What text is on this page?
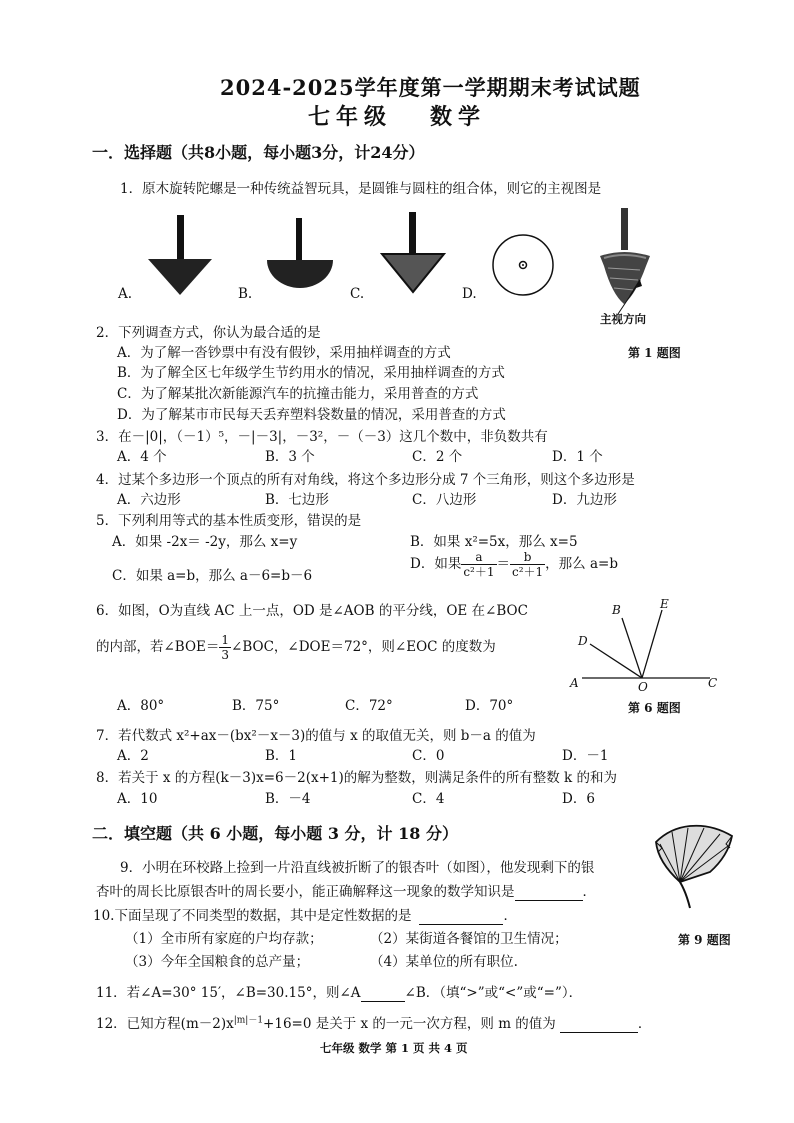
2024-2025学年度第一学期期末考试试题
七年级 数学
一．选择题（共8小题，每小题3分，计24分）
1．原木旋转陀螺是一种传统益智玩具，是圆锥与圆柱的组合体，则它的主视图是
A.	B.	C.	D.
主视方向
第 1 题图
2．下列调查方式，你认为最合适的是
A．为了解一沓钞票中有没有假钞，采用抽样调查的方式
B．为了解全区七年级学生节约用水的情况，采用抽样调查的方式
C．为了解某批次新能源汽车的抗撞击能力，采用普查的方式
D．为了解某市市民每天丢弃塑料袋数量的情况，采用普查的方式
3．在－|0|，（－1）⁵，－|－3|，－3²，－（－3）这几个数中，非负数共有
A．4 个	B．3 个	C．2 个	D．1 个
4．过某个多边形一个顶点的所有对角线，将这个多边形分成 7 个三角形，则这个多边形是
A．六边形	B．七边形	C．八边形	D．九边形
5．下列利用等式的基本性质变形，错误的是
A．如果 -2x＝ -2y，那么 x=y	B．如果 x²=5x，那么 x=5
C．如果 a=b，那么 a－6=b－6
D．如果 $\frac{a}{\text{c²＋1}} = \frac{b}{\text{c²＋1}}$ ，那么 a=b
6．如图，O为直线 AC 上一点，OD 是∠AOB 的平分线，OE 在∠BOC
的内部，若∠BOE＝ $\frac{1}{3}$ ∠BOC，∠DOE＝72°，则∠EOC 的度数为
A．80°	B．75°	C．72°	D．70°
B	E
D
A	O	C
第 6 题图
7．若代数式 x²+ax－(bx²－x－3)的值与 x 的取值无关，则 b－a 的值为
A．2	B．1	C．0	D．－1
8．若关于 x 的方程(k－3)x=6－2(x+1)的解为整数，则满足条件的所有整数 k 的和为
A．10	B．－4	C．4	D．6
二．填空题（共 6 小题，每小题 3 分，计 18 分）
9．小明在环校路上捡到一片沿直线被折断了的银杏叶（如图），他发现剩下的银
杏叶的周长比原银杏叶的周长要小，能正确解释这一现象的数学知识是	．
第 9 题图
10.下面呈现了不同类型的数据，其中是定性数据的是	．
（1）全市所有家庭的户均存款；	（2）某街道各餐馆的卫生情况；
（3）今年全国粮食的总产量；	（4）某单位的所有职位.
11．若∠A=30° 15′，∠B=30.15°，则∠A	∠B．（填“>”或“<”或“=”）．
12．已知方程$(m-2)x^{|m|-1}+16=0$ 是关于 x 的一元一次方程，则 m 的值为	．
七年级 数学 第 1 页 共 4 页
